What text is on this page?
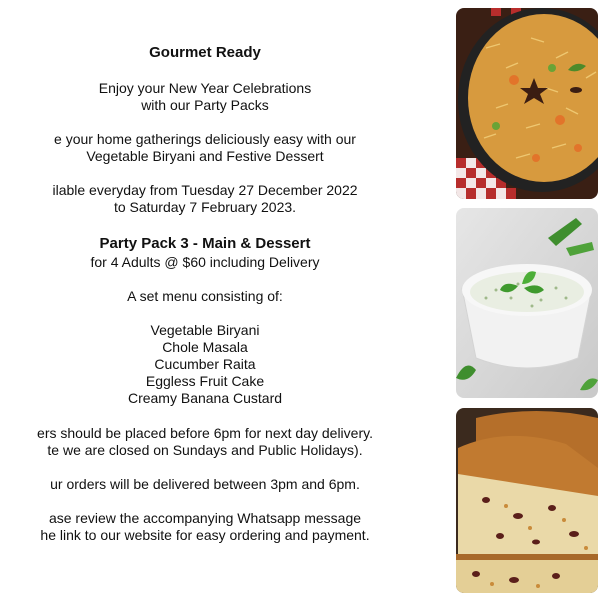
Gourmet Ready
Enjoy your New Year Celebrations
with our Party Packs
e your home gatherings deliciously easy with our
Vegetable Biryani and Festive Dessert
ilable everyday from Tuesday 27 December 2022
to Saturday 7 February 2023.
Party Pack 3 - Main & Dessert
for 4 Adults @ $60 including Delivery
A set menu consisting of:
Vegetable Biryani
Chole Masala
Cucumber Raita
Eggless Fruit Cake
Creamy Banana Custard
ers should be placed before 6pm for next day delivery.
te we are closed on Sundays and Public Holidays).
ur orders will be delivered between 3pm and 6pm.
ase review the accompanying Whatsapp message
he link to our website for easy ordering and payment.
